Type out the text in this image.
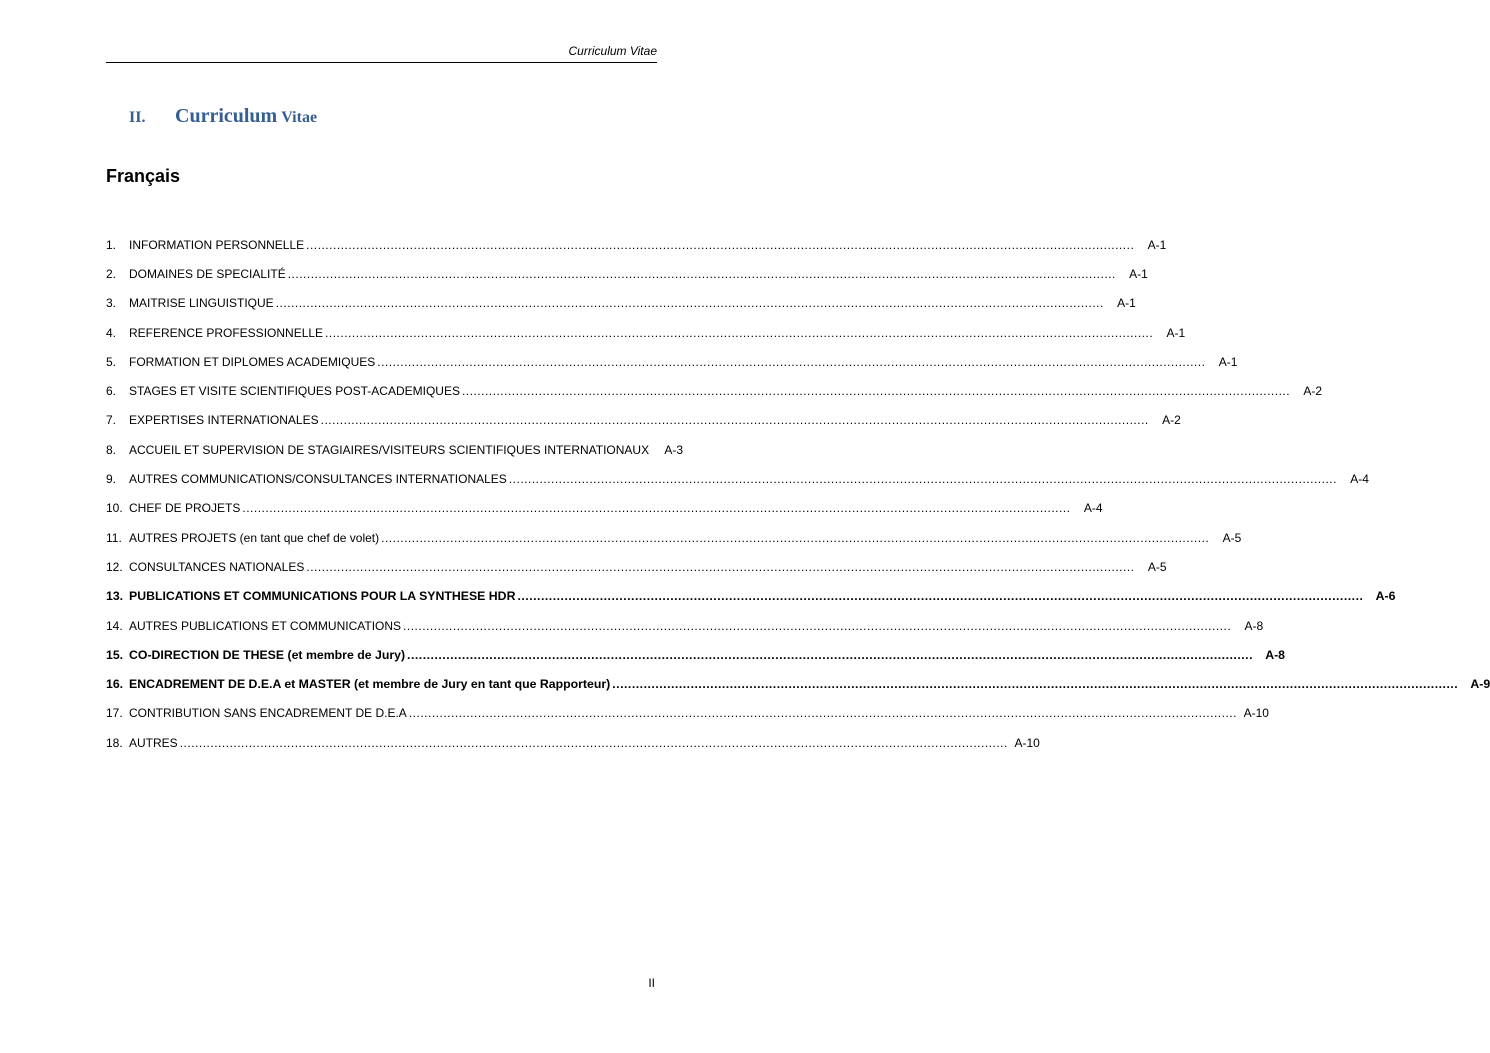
Curriculum Vitae
II.	Curriculum Vitae
Français
1.	INFORMATION PERSONNELLE .....	A-1
2.	DOMAINES DE SPECIALITÉ .....	A-1
3.	MAITRISE LINGUISTIQUE .....	A-1
4.	REFERENCE PROFESSIONNELLE .....	A-1
5.	FORMATION ET DIPLOMES ACADEMIQUES .....	A-1
6.	STAGES ET VISITE SCIENTIFIQUES POST-ACADEMIQUES .....	A-2
7.	EXPERTISES INTERNATIONALES .....	A-2
8.	ACCUEIL ET SUPERVISION DE STAGIAIRES/VISITEURS SCIENTIFIQUES INTERNATIONAUX	A-3
9.	AUTRES COMMUNICATIONS/CONSULTANCES INTERNATIONALES .....	A-4
10. CHEF DE PROJETS .....	A-4
11. AUTRES PROJETS (en tant que chef de volet) .....	A-5
12. CONSULTANCES NATIONALES .....	A-5
13. PUBLICATIONS ET COMMUNICATIONS POUR LA SYNTHESE HDR .....	A-6
14. AUTRES PUBLICATIONS ET COMMUNICATIONS .....	A-8
15. CO-DIRECTION DE THESE (et membre de Jury) .....	A-8
16. ENCADREMENT DE D.E.A et MASTER (et membre de Jury en tant que Rapporteur) .....	A-9
17. CONTRIBUTION SANS ENCADREMENT DE D.E.A .....	A-10
18. AUTRES .....	A-10
II
